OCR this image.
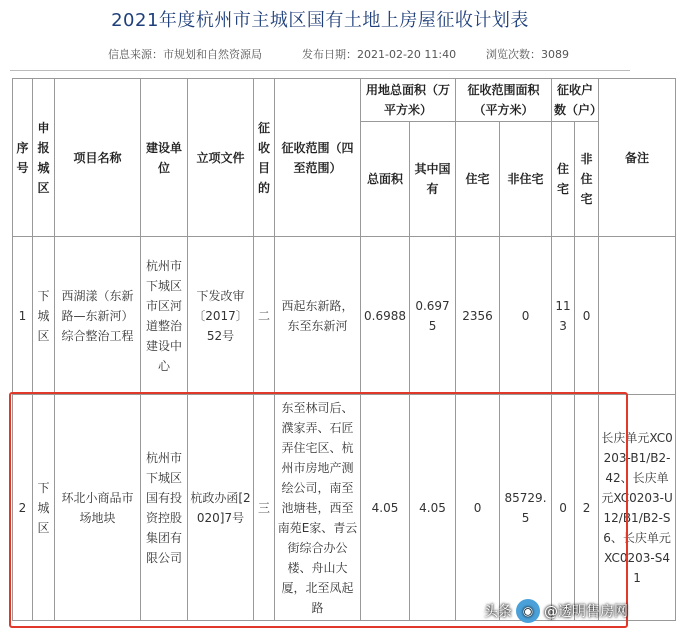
2021年度杭州市主城区国有土地上房屋征收计划表
信息来源：市规划和自然资源局	发布日期：2021-02-20 11:40	浏览次数：3089
序号	申报城区	项目名称	建设单位	立项文件	征收目的	征收范围（四至范围）	用地总面积（万平方米）		征收范围面积（平方米）		征收户数（户）		备注
							总面积	其中国有	住宅	非住宅	住宅	非住宅	
1	下城区	西湖漾（东新路—东新河）综合整治工程	杭州市下城区市区河道整治建设中心	下发改审〔2017〕52号	二	西起东新路，东至东新河	0.6988	0.6975	2356	0	113	0	
2	下城区	环北小商品市场地块	杭州市下城区国有投资控股集团有限公司	杭政办函[2020]7号	三	东至林司后、濮家弄、石匠弄住宅区、杭州市房地产测绘公司，南至池塘巷，西至南苑E家、青云街综合办公楼、舟山大厦，北至凤起路	4.05	4.05	0	85729.5	0	2	长庆单元XC0203-B1/B2-42、长庆单元XC0203-U12/B1/B2-S6、长庆单元XC0203-S41
头条 ◉ @透明售房网
